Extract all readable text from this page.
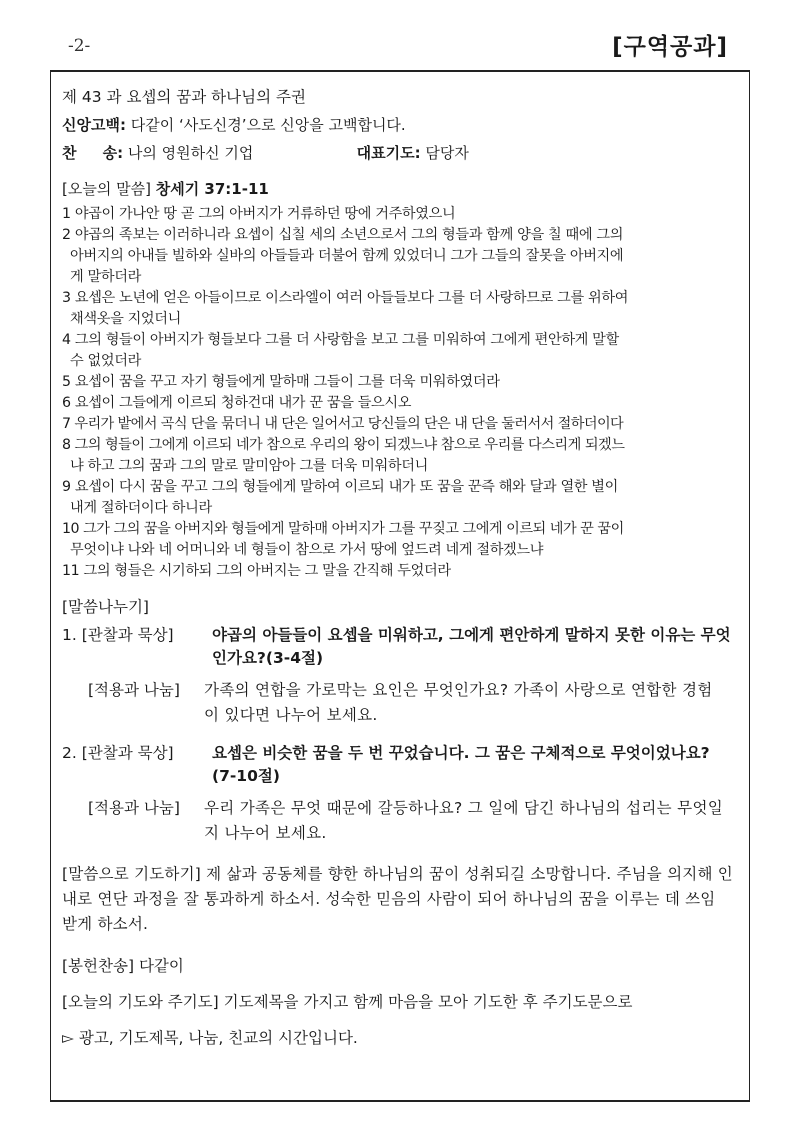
-2-	[구역공과]
제 43 과 요셉의 꿈과 하나님의 주권
신앙고백: 다같이 ‘사도신경’으로 신앙을 고백합니다.
찬     송: 나의 영원하신 기업	대표기도: 담당자
[오늘의 말씀] 창세기 37:1-11
1 야곱이 가나안 땅 곧 그의 아버지가 거류하던 땅에 거주하였으니
2 야곱의 족보는 이러하니라 요셉이 십칠 세의 소년으로서 그의 형들과 함께 양을 칠 때에 그의
아버지의 아내들 빌하와 실바의 아들들과 더불어 함께 있었더니 그가 그들의 잘못을 아버지에
게 말하더라
3 요셉은 노년에 얻은 아들이므로 이스라엘이 여러 아들들보다 그를 더 사랑하므로 그를 위하여
채색옷을 지었더니
4 그의 형들이 아버지가 형들보다 그를 더 사랑함을 보고 그를 미워하여 그에게 편안하게 말할
수 없었더라
5 요셉이 꿈을 꾸고 자기 형들에게 말하매 그들이 그를 더욱 미워하였더라
6 요셉이 그들에게 이르되 청하건대 내가 꾼 꿈을 들으시오
7 우리가 밭에서 곡식 단을 묶더니 내 단은 일어서고 당신들의 단은 내 단을 둘러서서 절하더이다
8 그의 형들이 그에게 이르되 네가 참으로 우리의 왕이 되겠느냐 참으로 우리를 다스리게 되겠느
냐 하고 그의 꿈과 그의 말로 말미암아 그를 더욱 미워하더니
9 요셉이 다시 꿈을 꾸고 그의 형들에게 말하여 이르되 내가 또 꿈을 꾼즉 해와 달과 열한 별이
내게 절하더이다 하니라
10 그가 그의 꿈을 아버지와 형들에게 말하매 아버지가 그를 꾸짖고 그에게 이르되 네가 꾼 꿈이
무엇이냐 나와 네 어머니와 네 형들이 참으로 가서 땅에 엎드려 네게 절하겠느냐
11 그의 형들은 시기하되 그의 아버지는 그 말을 간직해 두었더라
[말씀나누기]
1. [관찰과 묵상] 야곱의 아들들이 요셉을 미워하고, 그에게 편안하게 말하지 못한 이유는 무엇인가요?(3-4절)
[적용과 나눔] 가족의 연합을 가로막는 요인은 무엇인가요? 가족이 사랑으로 연합한 경험이 있다면 나누어 보세요.
2. [관찰과 묵상] 요셉은 비슷한 꿈을 두 번 꾸었습니다. 그 꿈은 구체적으로 무엇이었나요?(7-10절)
[적용과 나눔] 우리 가족은 무엇 때문에 갈등하나요? 그 일에 담긴 하나님의 섭리는 무엇일지 나누어 보세요.
[말씀으로 기도하기] 제 삶과 공동체를 향한 하나님의 꿈이 성취되길 소망합니다. 주님을 의지해 인내로 연단 과정을 잘 통과하게 하소서. 성숙한 믿음의 사람이 되어 하나님의 꿈을 이루는 데 쓰임 받게 하소서.
[봉헌찬송] 다같이
[오늘의 기도와 주기도] 기도제목을 가지고 함께 마음을 모아 기도한 후 주기도문으로
▻ 광고, 기도제목, 나눔, 친교의 시간입니다.
